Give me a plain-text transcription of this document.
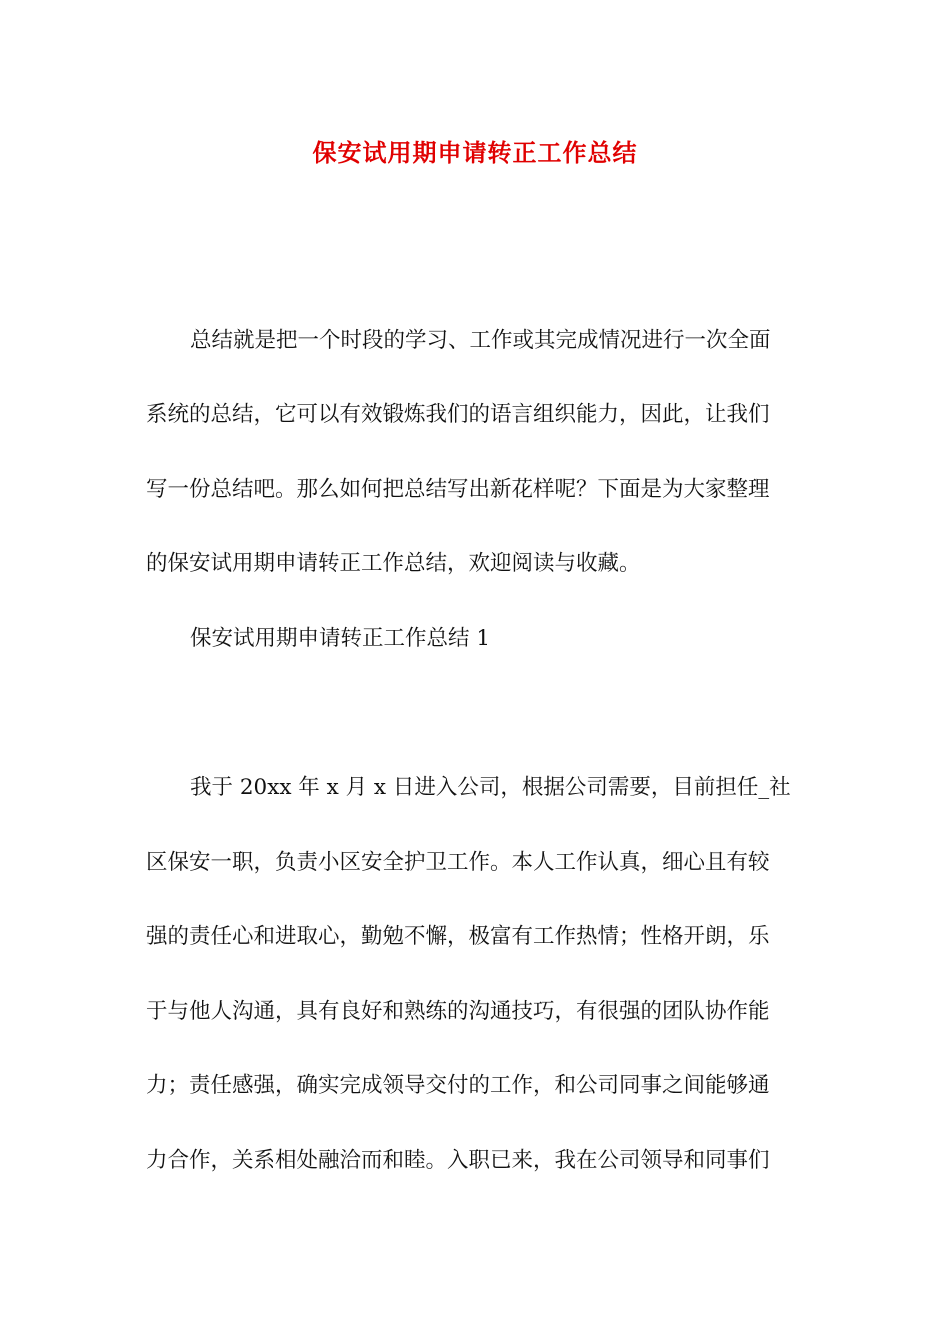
保安试用期申请转正工作总结

总结就是把一个时段的学习、工作或其完成情况进行一次全面

系统的总结，它可以有效锻炼我们的语言组织能力，因此，让我们

写一份总结吧。那么如何把总结写出新花样呢？下面是为大家整理

的保安试用期申请转正工作总结，欢迎阅读与收藏。

保安试用期申请转正工作总结 1

我于 20xx 年 x 月 x 日进入公司，根据公司需要，目前担任_社

区保安一职，负责小区安全护卫工作。本人工作认真，细心且有较

强的责任心和进取心，勤勉不懈，极富有工作热情；性格开朗，乐

于与他人沟通，具有良好和熟练的沟通技巧，有很强的团队协作能

力；责任感强，确实完成领导交付的工作，和公司同事之间能够通

力合作，关系相处融洽而和睦。入职已来，我在公司领导和同事们
